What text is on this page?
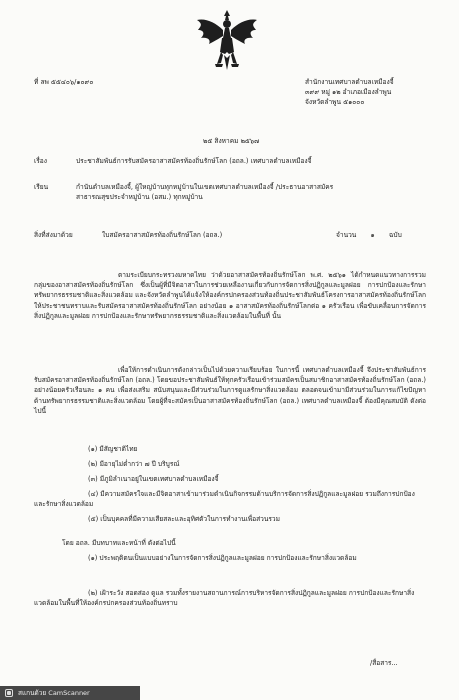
ที่ ลพ ๕๕๔๐๖/๑๐๙๐	สำนักงานเทศบาลตำบลเหมืองจี้
๓๙๙ หมู่ ๑๒ อำเภอเมืองลำพูน
จังหวัดลำพูน ๕๑๐๐๐
๒๕ สิงหาคม ๒๕๖๗
เรื่อง	ประชาสัมพันธ์การรับสมัครอาสาสมัครท้องถิ่นรักษ์โลก (อถล.) เทศบาลตำบลเหมืองจี้
เรียน	กำนันตำบลเหมืองจี้, ผู้ใหญ่บ้านทุกหมู่บ้านในเขตเทศบาลตำบลเหมืองจี้ /ประธานอาสาสมัคร
สาธารณสุขประจำหมู่บ้าน (อสม.) ทุกหมู่บ้าน
สิ่งที่ส่งมาด้วย	ใบสมัครอาสาสมัครท้องถิ่นรักษ์โลก (อถล.)	จำนวน ๑ ฉบับ

ตามระเบียบกระทรวงมหาดไทย ว่าด้วยอาสาสมัครท้องถิ่นรักษ์โลก พ.ศ. ๒๕๖๑ ได้กำหนดแนวทางการรวมกลุ่มของอาสาสมัครท้องถิ่นรักษ์โลก ซึ่งเป็นผู้ที่มีจิตอาสาในการช่วยเหลืองานเกี่ยวกับการจัดการสิ่งปฏิกูลและมูลฝอย การปกป้องและรักษาทรัพยากรธรรมชาติและสิ่งแวดล้อม และจังหวัดลำพูนได้แจ้งให้องค์กรปกครองส่วนท้องถิ่นประชาสัมพันธ์โครงการอาสาสมัครท้องถิ่นรักษ์โลกให้ประชาชนทราบและรับสมัครอาสาสมัครท้องถิ่นรักษ์โลก อย่างน้อย ๑ อาสาสมัครท้องถิ่นรักษ์โลกต่อ ๑ ครัวเรือน เพื่อขับเคลื่อนการจัดการสิ่งปฏิกูลและมูลฝอย การปกป้องและรักษาทรัพยากรธรรมชาติและสิ่งแวดล้อมในพื้นที่ นั้น

เพื่อให้การดำเนินการดังกล่าวเป็นไปด้วยความเรียบร้อย ในการนี้ เทศบาลตำบลเหมืองจี้ จึงประชาสัมพันธ์การรับสมัครอาสาสมัครท้องถิ่นรักษ์โลก (อถล.) โดยขอประชาสัมพันธ์ให้ทุกครัวเรือนเข้าร่วมสมัครเป็นสมาชิกอาสาสมัครท้องถิ่นรักษ์โลก (อถล.) อย่างน้อยครัวเรือนละ ๑ คน เพื่อส่งเสริม สนับสนุนและมีส่วนร่วมในการดูแลรักษาสิ่งแวดล้อม ตลอดจนเข้ามามีส่วนร่วมในการแก้ไขปัญหาด้านทรัพยากรธรรมชาติและสิ่งแวดล้อม โดยผู้ที่จะสมัครเป็นอาสาสมัครท้องถิ่นรักษ์โลก (อถล.) เทศบาลตำบลเหมืองจี้ ต้องมีคุณสมบัติ ดังต่อไปนี้

(๑) มีสัญชาติไทย
(๒) มีอายุไม่ต่ำกว่า ๗ ปี บริบูรณ์
(๓) มีภูมิลำเนาอยู่ในเขตเทศบาลตำบลเหมืองจี้
(๔) มีความสมัครใจและมีจิตอาสาเข้ามาร่วมดำเนินกิจกรรมด้านบริการจัดการสิ่งปฏิกูลและมูลฝอย รวมถึงการปกป้องและรักษาสิ่งแวดล้อม
(๕) เป็นบุคคลที่มีความเสียสละและอุทิศตัวในการทำงานเพื่อส่วนรวม
โดย อถล. มีบทบาทและหน้าที่ ดังต่อไปนี้
(๑) ประพฤติตนเป็นแบบอย่างในการจัดการสิ่งปฏิกูลและมูลฝอย การปกป้องและรักษาสิ่งแวดล้อม
(๒) เฝ้าระวัง สอดส่อง ดูแล รวมทั้งรายงานสถานการณ์การบริหารจัดการสิ่งปฏิกูลและมูลฝอย การปกป้องและรักษาสิ่งแวดล้อมในพื้นที่ให้องค์กรปกครองส่วนท้องถิ่นทราบ
/สื่อสาร...
สแกนด้วย CamScanner
